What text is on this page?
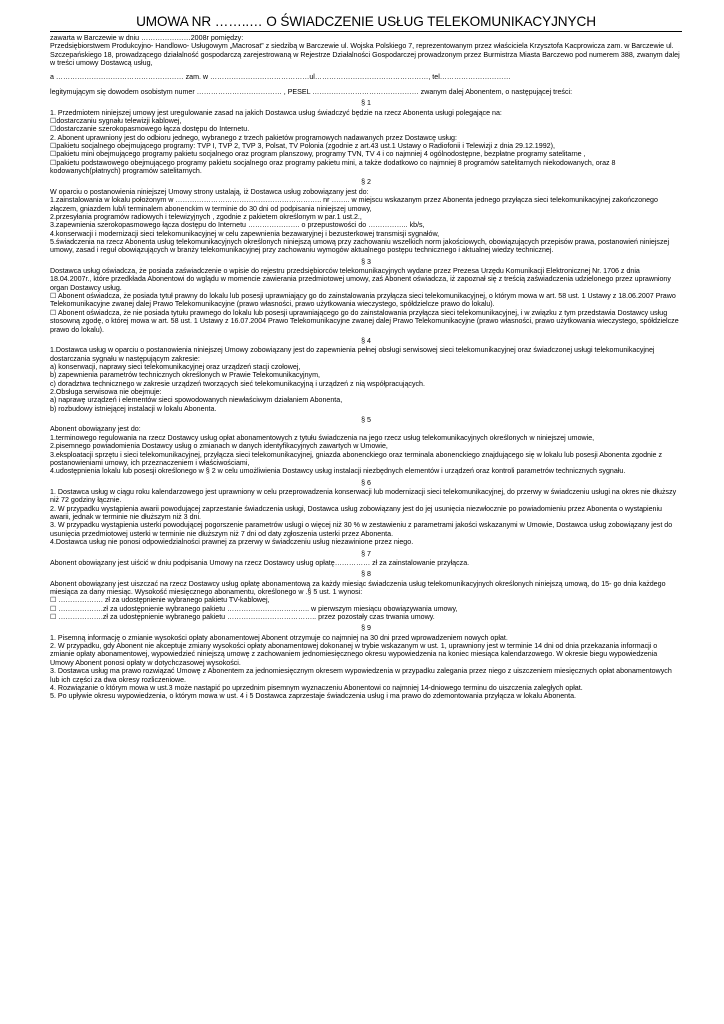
UMOWA NR ……..… O ŚWIADCZENIE USŁUG TELEKOMUNIKACYJNYCH

zawarta w Barczewie w dniu …………………2008r pomiędzy:

Przedsiębiorstwem Produkcyjno- Handlowo- Usługowym „Macrosat” z siedzibą w Barczewie ul. Wojska Polskiego 7, reprezentowanym przez właściciela Krzysztofa Kacprowicza zam. w Barczewie ul. Szczepańskiego 18, prowadzącego działalność gospodarczą zarejestrowaną w Rejestrze Działalności Gospodarczej prowadzonym przez Burmistrza Miasta Barczewo pod numerem 388, zwanym dalej w treści umowy Dostawcą usług,

a ……………………………………………… zam. w ……………………………………ul…………………………………………, tel…………………………

legitymującym się dowodem osobistym numer ……………………………… , PESEL ……………………………………… zwanym dalej Abonentem, o następującej treści:

§ 1

1. Przedmiotem niniejszej umowy jest uregulowanie zasad na jakich Dostawca usług świadczyć będzie na rzecz Abonenta usługi polegające na:

☐dostarczaniu sygnału telewizji kablowej,

☐dostarczanie szerokopasmowego łącza dostępu do Internetu.

2. Abonent uprawniony jest do odbioru jednego, wybranego z trzech pakietów programowych nadawanych przez Dostawcę usług:

☐pakietu socjalnego obejmującego programy: TVP I, TVP 2, TVP 3, Polsat, TV Polonia (zgodnie z art.43 ust.1 Ustawy o Radiofonii i Telewizji z dnia 29.12.1992),

☐pakietu mini obejmującego programy pakietu socjalnego oraz program planszowy, programy TVN, TV 4 i co najmniej 4 ogólnodostępne, bezpłatne programy satelitarne ,

☐pakietu podstawowego obejmującego programy pakietu socjalnego oraz programy pakietu mini, a także dodatkowo co najmniej 8 programów satelitarnych niekodowanych, oraz 8 kodowanych(płatnych) programów satelitarnych.

§ 2

W oparciu o postanowienia niniejszej Umowy strony ustalają, iż Dostawca usług zobowiązany jest do:

1.zainstalowania w lokalu położonym w …………………………………………………….. nr …….. w miejscu wskazanym przez Abonenta jednego przyłącza sieci telekomunikacyjnej zakończonego złączem, gniazdem lub/i terminalem abonenckim w terminie do 30 dni od podpisania niniejszej umowy,

2.przesyłania programów radiowych i telewizyjnych , zgodnie z pakietem określonym w par.1 ust.2.,

3.zapewnienia szerokopasmowego łącza dostępu do Internetu …………………. o przepustowości do …………….. kb/s,

4.konserwacji i modernizacji sieci telekomunikacyjnej w celu zapewnienia bezawaryjnej i bezusterkowej transmisji sygnałów,

5.świadczenia na rzecz Abonenta usług telekomunikacyjnych określonych niniejszą umową przy zachowaniu wszelkich norm jakościowych, obowiązujących przepisów prawa, postanowień niniejszej umowy, zasad i reguł obowiązujących w branży telekomunikacyjnej przy zachowaniu wymogów aktualnego postępu technicznego i aktualnej wiedzy technicznej.

§ 3

Dostawca usług oświadcza, że posiada zaświadczenie o wpisie do rejestru przedsiębiorców telekomunikacyjnych wydane przez Prezesa Urzędu Komunikacji Elektronicznej Nr. 1706 z dnia 18.04.2007r., które przedkłada Abonentowi do wglądu w momencie zawierania przedmiotowej umowy, zaś Abonent oświadcza, iż zapoznał się z treścią zaświadczenia udzielonego przez uprawniony organ Dostawcy usług.

☐ Abonent oświadcza, że posiada tytuł prawny do lokalu lub posesji uprawniający go do zainstalowania przyłącza sieci telekomunikacyjnej, o którym mowa w art. 58 ust. 1 Ustawy z 18.06.2007 Prawo Telekomunikacyjne zwanej dalej Prawo Telekomunikacyjne (prawo własności, prawo użytkowania wieczystego, spółdzielcze prawo do lokalu).

☐ Abonent oświadcza, że nie posiada tytułu prawnego do lokalu lub posesji uprawniającego go do zainstalowania przyłącza sieci telekomunikacyjnej, i w związku z tym przedstawia Dostawcy usług stosowną zgodę, o której mowa w art. 58 ust. 1 Ustawy z 16.07.2004 Prawo Telekomunikacyjne zwanej dalej Prawo Telekomunikacyjne (prawo własności, prawo użytkowania wieczystego, spółdzielcze prawo do lokalu).

§ 4

1.Dostawca usług w oparciu o postanowienia niniejszej Umowy zobowiązany jest do zapewnienia pełnej obsługi serwisowej sieci telekomunikacyjnej oraz świadczonej usługi telekomunikacyjnej dostarczania sygnału w następującym zakresie:

a) konserwacji, naprawy sieci telekomunikacyjnej oraz urządzeń stacji czołowej,

b) zapewnienia parametrów technicznych określonych w Prawie Telekomunikacyjnym,

c) doradztwa technicznego w zakresie urządzeń tworzących sieć telekomunikacyjną i urządzeń z nią współpracujących.

2.Obsługa serwisowa nie obejmuje:

a) naprawę urządzeń i elementów sieci spowodowanych niewłaściwym działaniem Abonenta,

b) rozbudowy istniejącej instalacji w lokalu Abonenta.

§ 5

Abonent obowiązany jest do:

1.terminowego regulowania na rzecz Dostawcy usług opłat abonamentowych z tytułu świadczenia na jego rzecz usług telekomunikacyjnych określonych w niniejszej umowie,

2.pisemnego powiadomienia Dostawcy usług o zmianach w danych identyfikacyjnych zawartych w Umowie,

3.eksploatacji sprzętu i sieci telekomunikacyjnej, przyłącza sieci telekomunikacyjnej, gniazda abonenckiego oraz terminala abonenckiego znajdującego się w lokalu lub posesji Abonenta zgodnie z postanowieniami umowy, ich przeznaczeniem i właściwościami,

4.udostępnienia lokalu lub posesji określonego w § 2 w celu umożliwienia Dostawcy usług instalacji niezbędnych elementów i urządzeń oraz kontroli parametrów technicznych sygnału.

§ 6

1. Dostawca usług w ciągu roku kalendarzowego jest uprawniony w celu przeprowadzenia konserwacji lub modernizacji sieci telekomunikacyjnej, do przerwy w świadczeniu usługi na okres nie dłuższy niż 72 godziny łącznie.

2. W przypadku wystąpienia awarii powodującej zaprzestanie świadczenia usługi, Dostawca usług zobowiązany jest do jej usunięcia niezwłocznie po powiadomieniu przez Abonenta o wystąpieniu awarii, jednak w terminie nie dłuższym niż 3 dni.

3. W przypadku wystąpienia usterki powodującej pogorszenie parametrów usługi o więcej niż 30 % w zestawieniu z parametrami jakości wskazanymi w Umowie, Dostawca usług zobowiązany jest do usunięcia przedmiotowej usterki w terminie nie dłuższym niż 7 dni od daty zgłoszenia usterki przez Abonenta.

4.Dostawca usług nie ponosi odpowiedzialności prawnej za przerwy w świadczeniu usług niezawinione przez niego.

§ 7

Abonent obowiązany jest uiścić w dniu podpisania Umowy na rzecz Dostawcy usług opłatę…………… zł za zainstalowanie przyłącza.

§ 8

Abonent obowiązany jest uiszczać na rzecz Dostawcy usług opłatę abonamentową za każdy miesiąc świadczenia usług telekomunikacyjnych określonych niniejszą umową, do 15- go dnia każdego miesiąca za dany miesiąc. Wysokość miesięcznego abonamentu, określonego w .§ 5 ust. 1 wynosi:

☐ ………………. zł za udostępnienie wybranego pakietu TV-kablowej,

☐ ……………….zł za udostępnienie wybranego pakietu …………………………….. w pierwszym miesiącu obowiązywania umowy,

☐ ……………….zł za udostępnienie wybranego pakietu ……………………………….. przez pozostały czas trwania umowy.

§ 9

1. Pisemną informację o zmianie wysokości opłaty abonamentowej Abonent otrzymuje co najmniej na 30 dni przed wprowadzeniem nowych opłat.

2. W przypadku, gdy Abonent nie akceptuje zmiany wysokości opłaty abonamentowej dokonanej w trybie wskazanym w ust. 1, uprawniony jest w terminie 14 dni od dnia przekazania informacji o zmianie opłaty abonamentowej, wypowiedzieć niniejszą umowę z zachowaniem jednomiesięcznego okresu wypowiedzenia na koniec miesiąca kalendarzowego. W okresie biegu wypowiedzenia Umowy Abonent ponosi opłaty w dotychczasowej wysokości.

3. Dostawca usług ma prawo rozwiązać Umowę z Abonentem za jednomiesięcznym okresem wypowiedzenia w przypadku zalegania przez niego z uiszczeniem miesięcznych opłat abonamentowych lub ich części za dwa okresy rozliczeniowe.

4. Rozwiązanie o którym mowa w ust.3 może nastąpić po uprzednim pisemnym wyznaczeniu Abonentowi co najmniej 14-dniowego terminu do uiszczenia zaległych opłat.

5. Po upływie okresu wypowiedzenia, o którym mowa w ust. 4 i 5 Dostawca zaprzestaje świadczenia usług i ma prawo do zdemontowania przyłącza w lokalu Abonenta.
